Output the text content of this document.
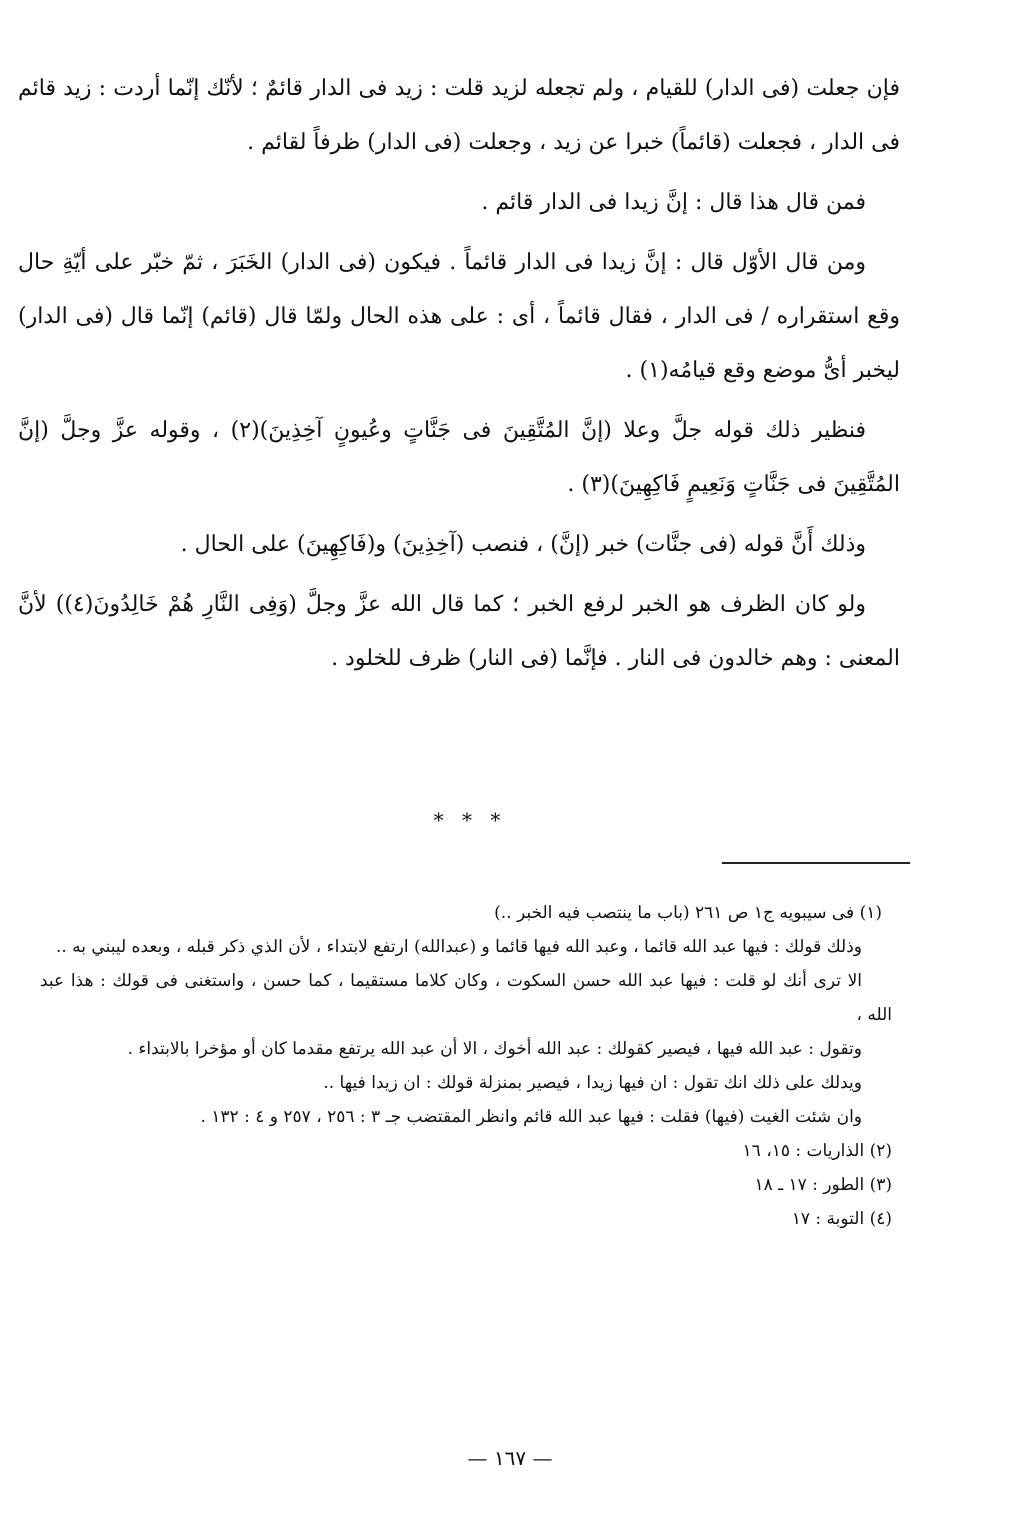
فإن جعلت (فى الدار) للقيام ، ولم تجعله لزيد قلت : زيد فى الدار قائمٌ ؛ لأنّك إنّما أردت : زيد قائم فى الدار ، فجعلت (قائماً) خبرا عن زيد ، وجعلت (فى الدار) ظرفاً لقائم .

فمن قال هذا قال : إنَّ زيدا فى الدار قائم .

ومن قال الأوّل قال : إنَّ زيدا فى الدار قائماً . فيكون (فى الدار) الخَبَرَ ، ثمّ خبّر على أيّةِ حال وقع استقراره / فى الدار ، فقال قائماً ، أى : على هذه الحال ولمّا قال (قائم) إنّما قال (فى الدار) ليخبر أىُّ موضع وقع قيامُه(١) .

فنظير ذلك قوله جلَّ وعلا (إنَّ المُتَّقِينَ فى جَنَّاتٍ وعُيونٍ آخِذِينَ)(٢) ، وقوله عزَّ وجلَّ (إنَّ المُتَّقِينَ فى جَنَّاتٍ وَنَعِيمٍ فَاكِهِينَ)(٣) .

وذلك أَنَّ قوله (فى جنَّات) خبر (إنَّ) ، فنصب (آخِذِينَ) و(فَاكِهِينَ) على الحال .

ولو كان الظرف هو الخبر لرفع الخبر ؛ كما قال الله عزَّ وجلَّ (وَفِى النَّارِ هُمْ خَالِدُونَ(٤)) لأنَّ المعنى : وهم خالدون فى النار . فإنَّما (فى النار) ظرف للخلود .

* * *

(١) فى سيبويه ج١ ص ٢٦١ (باب ما ينتصب فيه الخبر ..)

وذلك قولك : فيها عبد الله قائما ، وعبد الله فيها قائما و (عبدالله) ارتفع لابتداء ، لأن الذي ذكر قبله ، وبعده ليبني به ..

الا ترى أنك لو قلت : فيها عبد الله حسن السكوت ، وكان كلاما مستقيما ، كما حسن ، واستغنى فى قولك : هذا عبد الله ،

وتقول : عبد الله فيها ، فيصير كقولك : عبد الله أخوك ، الا أن عبد الله يرتفع مقدما كان أو مؤخرا بالابتداء .

ويدلك على ذلك انك تقول : ان فيها زيدا ، فيصير بمنزلة قولك : ان زيدا فيها ..

وان شئت الغيت (فيها) فقلت : فيها عبد الله قائم وانظر المقتضب جـ ٣ : ٢٥٦ ، ٢٥٧ و ٤ : ١٣٢ .

(٢) الذاريات : ١٥، ١٦

(٣) الطور : ١٧ ـ ١٨

(٤) التوبة : ١٧

— ١٦٧ —
